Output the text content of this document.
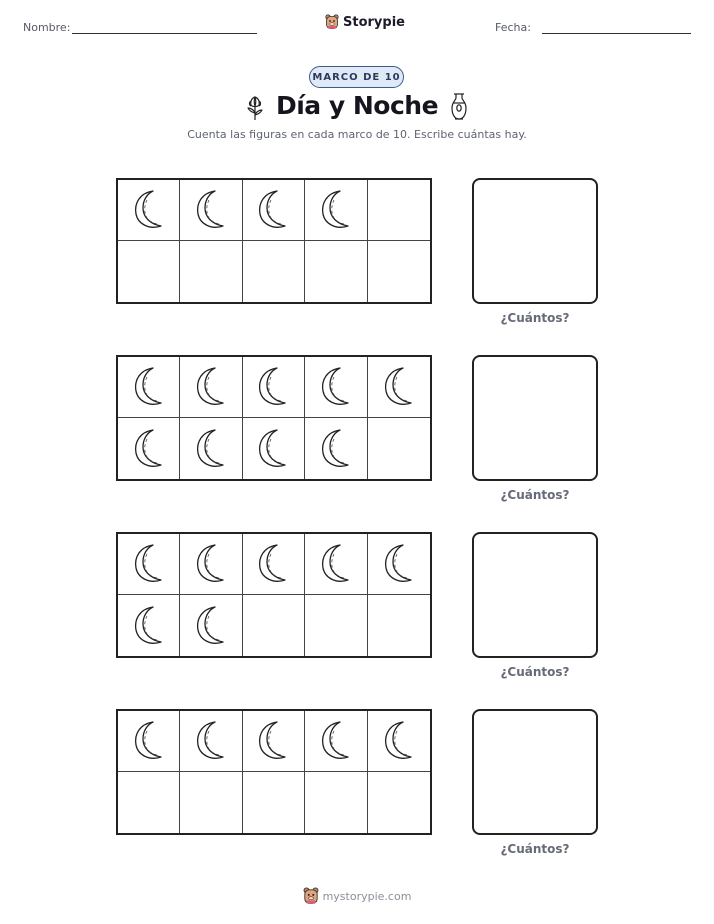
Nombre:	Storypie	Fecha:
MARCO DE 10
Día y Noche
Cuenta las figuras en cada marco de 10. Escribe cuántas hay.
¿Cuántos?
¿Cuántos?
¿Cuántos?
¿Cuántos?
mystorypie.com
